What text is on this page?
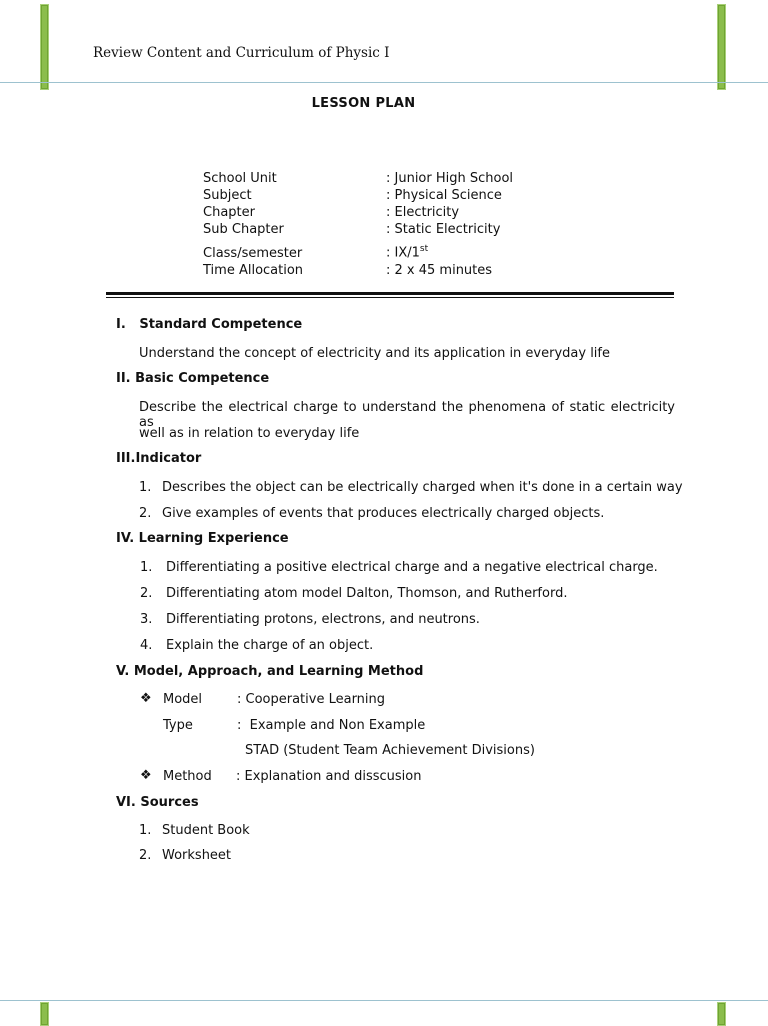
Review Content and Curriculum of Physic I
LESSON PLAN
School Unit	: Junior High School
Subject	: Physical Science
Chapter	: Electricity
Sub Chapter	: Static Electricity
Class/semester	: IX/1st
Time Allocation	: 2 x 45 minutes
I.   Standard Competence
Understand the concept of electricity and its application in everyday life
II. Basic Competence
Describe the electrical charge to understand the phenomena of static electricity as
well as in relation to everyday life
III.Indicator
1. Describes the object can be electrically charged when it's done in a certain way
2. Give examples of events that produces electrically charged objects.
IV. Learning Experience
1. Differentiating a positive electrical charge and a negative electrical charge.
2. Differentiating atom model Dalton, Thomson, and Rutherford.
3. Differentiating protons, electrons, and neutrons.
4. Explain the charge of an object.
V. Model, Approach, and Learning Method
❖ Model	: Cooperative Learning
Type	:  Example and Non Example
STAD (Student Team Achievement Divisions)
❖ Method : Explanation and disscusion
VI. Sources
1. Student Book
2. Worksheet
